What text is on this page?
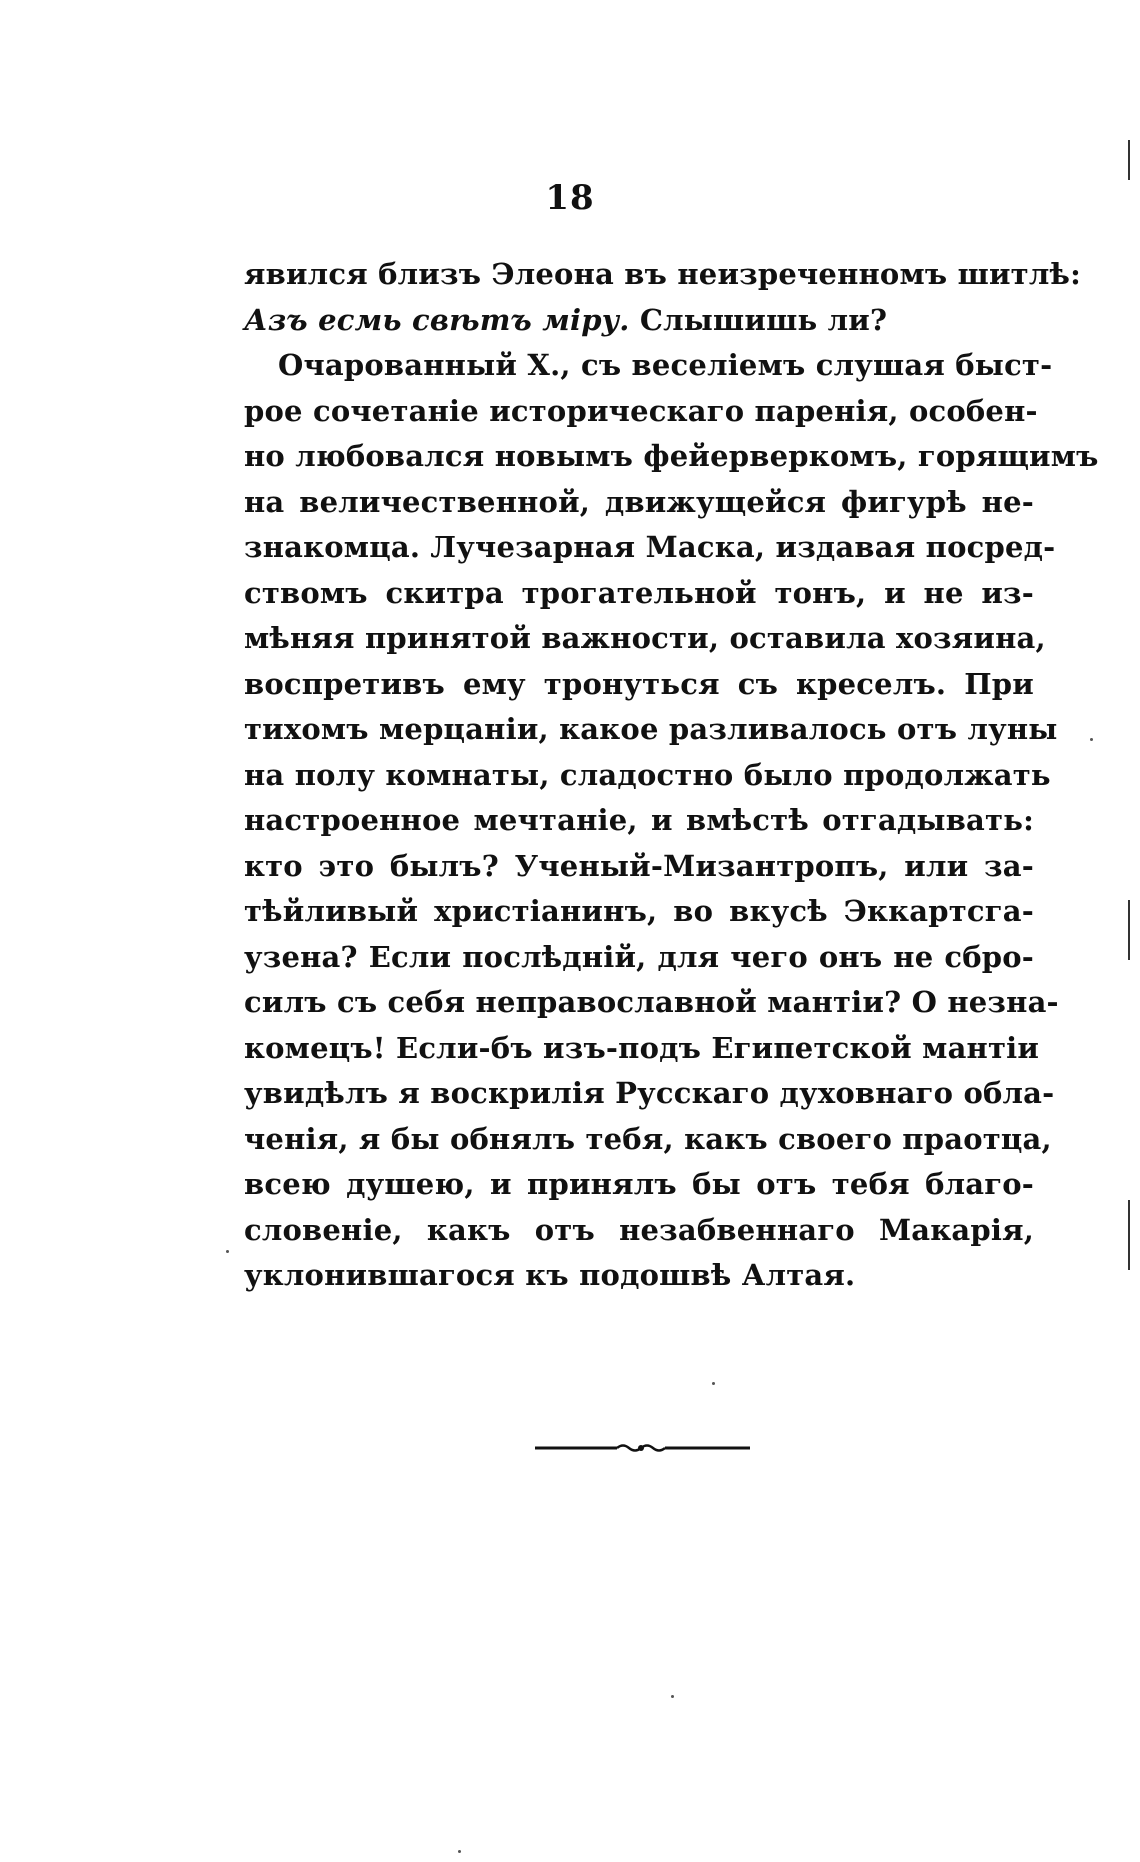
18
явился близъ Элеона въ неизреченномъ шитлѣ:
Азъ есмь свѣтъ міру. Слышишь ли?
Очарованный Х., съ веселіемъ слушая быст-
рое сочетаніе историческаго паренія, особен-
но любовался новымъ фейерверкомъ, горящимъ
на величественной, движущейся фигурѣ не-
знакомца. Лучезарная Маска, издавая посред-
ствомъ скитра трогательной тонъ, и не из-
мѣняя принятой важности, оставила хозяина,
воспретивъ ему тронуться съ креселъ. При
тихомъ мерцаніи, какое разливалось отъ луны
на полу комнаты, сладостно было продолжать
настроенное мечтаніе, и вмѣстѣ отгадывать:
кто это былъ? Ученый-Мизантропъ, или за-
тѣйливый христіанинъ, во вкусѣ Эккартсга-
узена? Если послѣдній, для чего онъ не сбро-
силъ съ себя неправославной мантіи? О незна-
комецъ! Если-бъ изъ-подъ Египетской мантіи
увидѣлъ я воскрилія Русскаго духовнаго обла-
ченія, я бы обнялъ тебя, какъ своего праотца,
всею душею, и принялъ бы отъ тебя благо-
словеніе, какъ отъ незабвеннаго Макарія,
уклонившагося къ подошвѣ Алтая.
